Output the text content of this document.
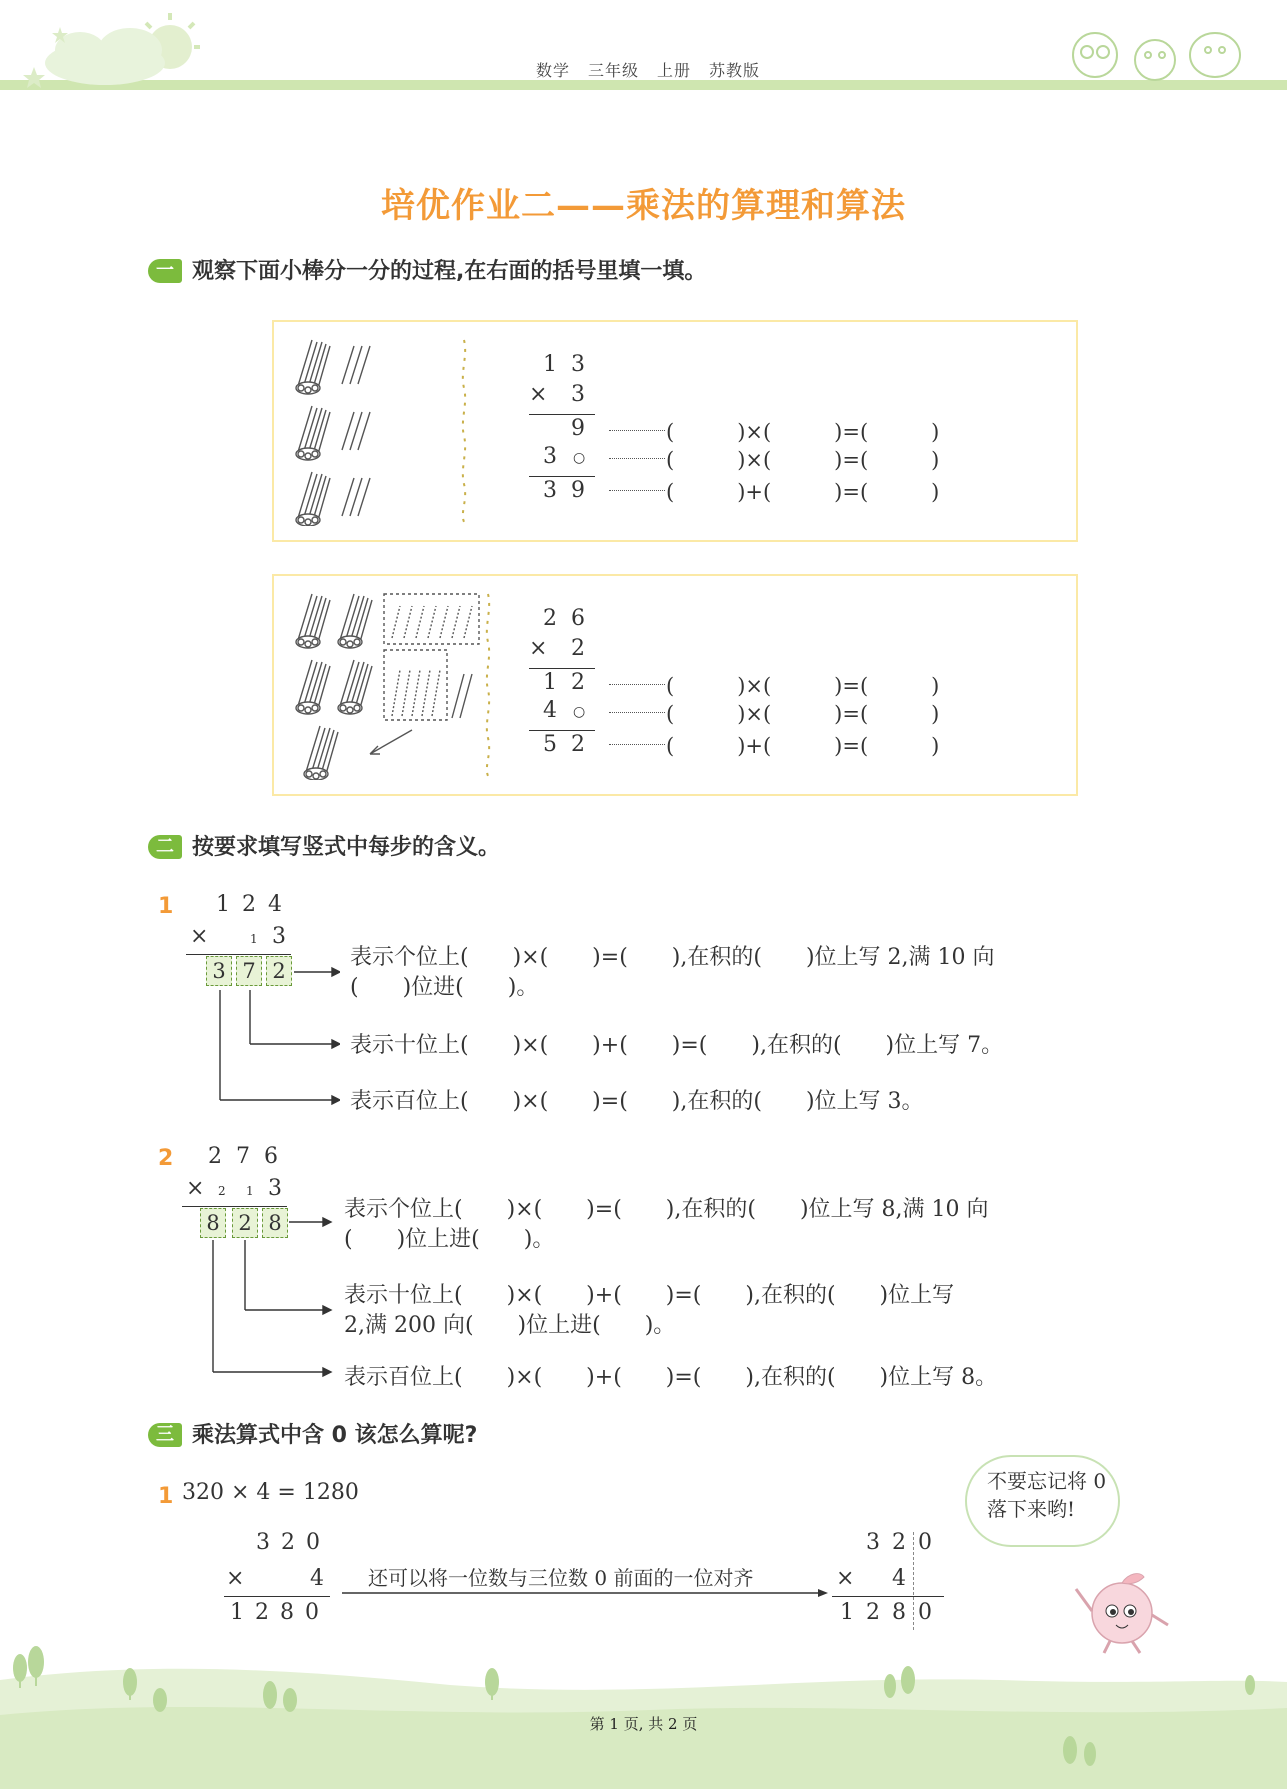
数学 三年级 上册 苏教版
培优作业二——乘法的算理和算法
一 观察下面小棒分一分的过程,在右面的括号里填一填。
1 3
× 3
9
3 ○
3 9
(　　　)×(　　　)=(　　　)
(　　　)×(　　　)=(　　　)
(　　　)+(　　　)=(　　　)
2 6
× 2
1 2
4 ○
5 2
(　　　)×(　　　)=(　　　)
(　　　)×(　　　)=(　　　)
(　　　)+(　　　)=(　　　)
二 按要求填写竖式中每步的含义。
1 1 2 4
×	1 3
3 7 2
表示个位上(　　)×(　　)=(　　),在积的(　　)位上写 2,满 10 向
(　　)位进(　　)。
表示十位上(　　)×(　　)+(　　)=(　　),在积的(　　)位上写 7。
表示百位上(　　)×(　　)=(　　),在积的(　　)位上写 3。
2 2 7 6
× 2 1 3
8 2 8
表示个位上(　　)×(　　)=(　　),在积的(　　)位上写 8,满 10 向
(　　)位上进(　　)。
表示十位上(　　)×(　　)+(　　)=(　　),在积的(　　)位上写
2,满 200 向(　　)位上进(　　)。
表示百位上(　　)×(　　)+(　　)=(　　),在积的(　　)位上写 8。
三 乘法算式中含 0 该怎么算呢?
1 320 × 4 = 1280
3 2 0
×	4
1 2 8 0
还可以将一位数与三位数 0 前面的一位对齐
3 2 0
× 4
1 2 8 0
不要忘记将 0
落下来哟!
第 1 页, 共 2 页
